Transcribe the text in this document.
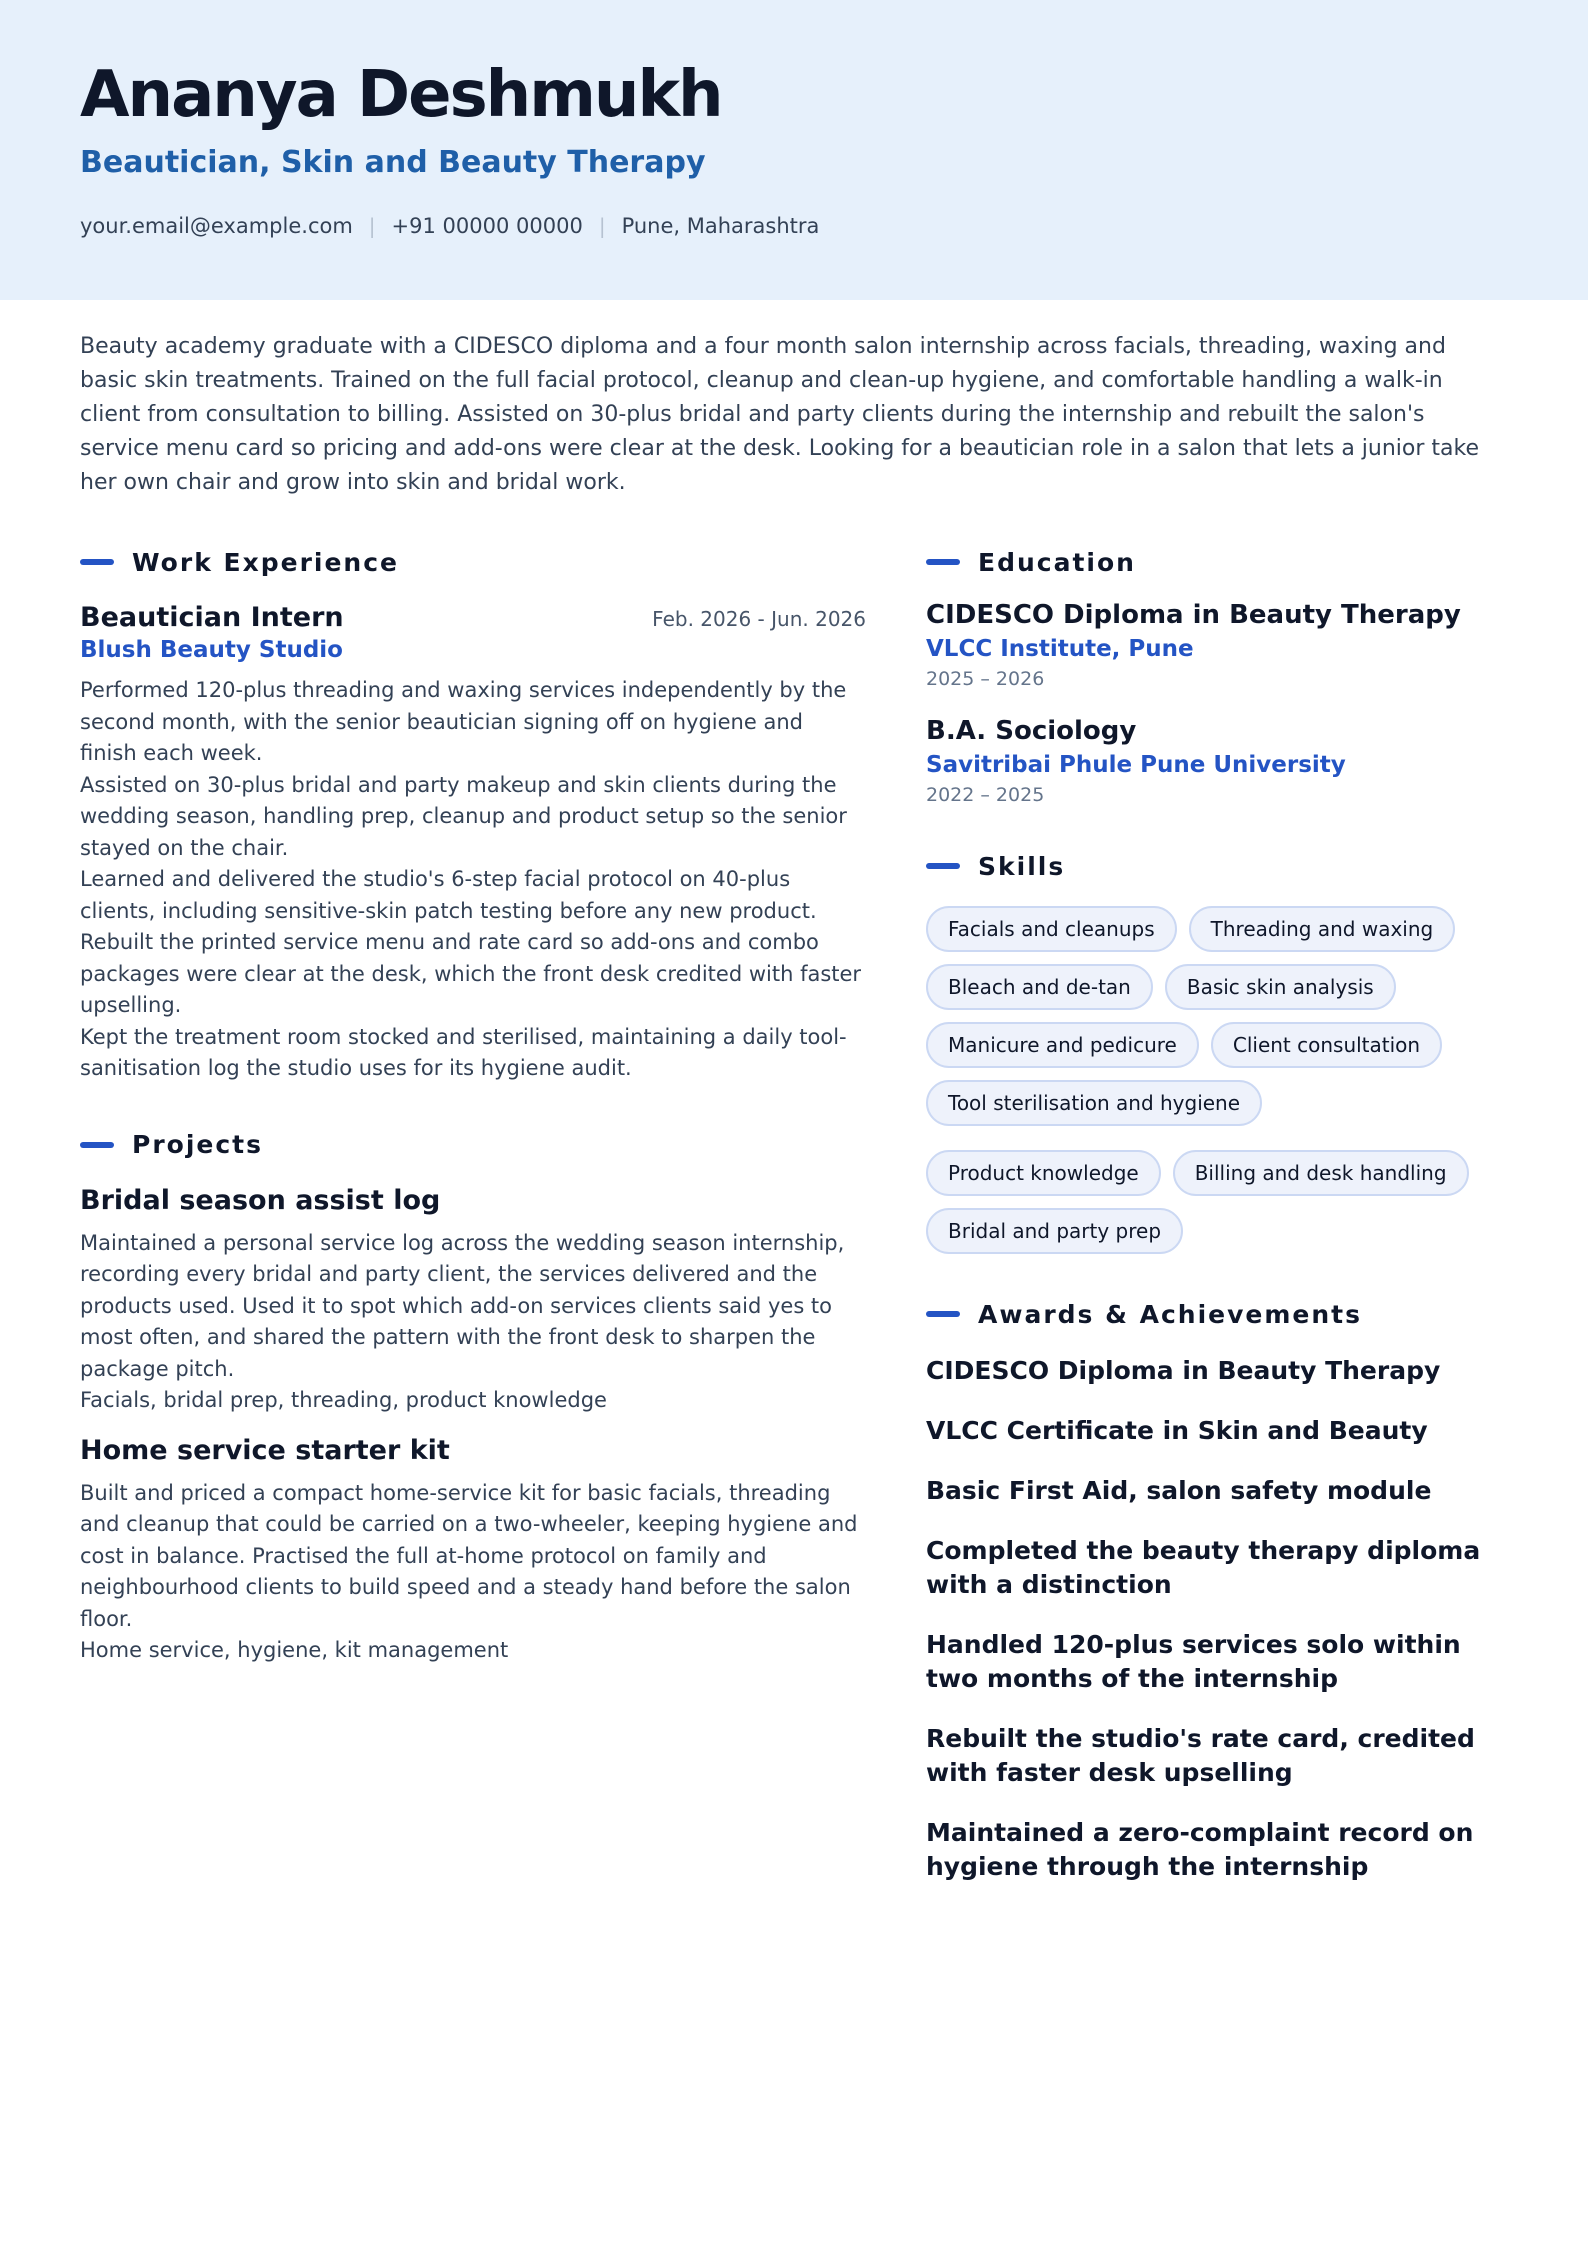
Ananya Deshmukh
Beautician, Skin and Beauty Therapy
your.email@example.com | +91 00000 00000 | Pune, Maharashtra
Beauty academy graduate with a CIDESCO diploma and a four month salon internship across facials, threading, waxing and basic skin treatments. Trained on the full facial protocol, cleanup and clean-up hygiene, and comfortable handling a walk-in client from consultation to billing. Assisted on 30-plus bridal and party clients during the internship and rebuilt the salon's service menu card so pricing and add-ons were clear at the desk. Looking for a beautician role in a salon that lets a junior take her own chair and grow into skin and bridal work.
Work Experience
Beautician Intern	Feb. 2026 - Jun. 2026
Blush Beauty Studio
Performed 120-plus threading and waxing services independently by the second month, with the senior beautician signing off on hygiene and finish each week.
Assisted on 30-plus bridal and party makeup and skin clients during the wedding season, handling prep, cleanup and product setup so the senior stayed on the chair.
Learned and delivered the studio's 6-step facial protocol on 40-plus clients, including sensitive-skin patch testing before any new product.
Rebuilt the printed service menu and rate card so add-ons and combo packages were clear at the desk, which the front desk credited with faster upselling.
Kept the treatment room stocked and sterilised, maintaining a daily tool-sanitisation log the studio uses for its hygiene audit.
Projects
Bridal season assist log
Maintained a personal service log across the wedding season internship, recording every bridal and party client, the services delivered and the products used. Used it to spot which add-on services clients said yes to most often, and shared the pattern with the front desk to sharpen the package pitch.
Facials, bridal prep, threading, product knowledge
Home service starter kit
Built and priced a compact home-service kit for basic facials, threading and cleanup that could be carried on a two-wheeler, keeping hygiene and cost in balance. Practised the full at-home protocol on family and neighbourhood clients to build speed and a steady hand before the salon floor.
Home service, hygiene, kit management
Education
CIDESCO Diploma in Beauty Therapy
VLCC Institute, Pune
2025 – 2026
B.A. Sociology
Savitribai Phule Pune University
2022 – 2025
Skills
Facials and cleanups	Threading and waxing
Bleach and de-tan	Basic skin analysis
Manicure and pedicure	Client consultation
Tool sterilisation and hygiene
Product knowledge	Billing and desk handling
Bridal and party prep
Awards & Achievements
CIDESCO Diploma in Beauty Therapy
VLCC Certificate in Skin and Beauty
Basic First Aid, salon safety module
Completed the beauty therapy diploma with a distinction
Handled 120-plus services solo within two months of the internship
Rebuilt the studio's rate card, credited with faster desk upselling
Maintained a zero-complaint record on hygiene through the internship
